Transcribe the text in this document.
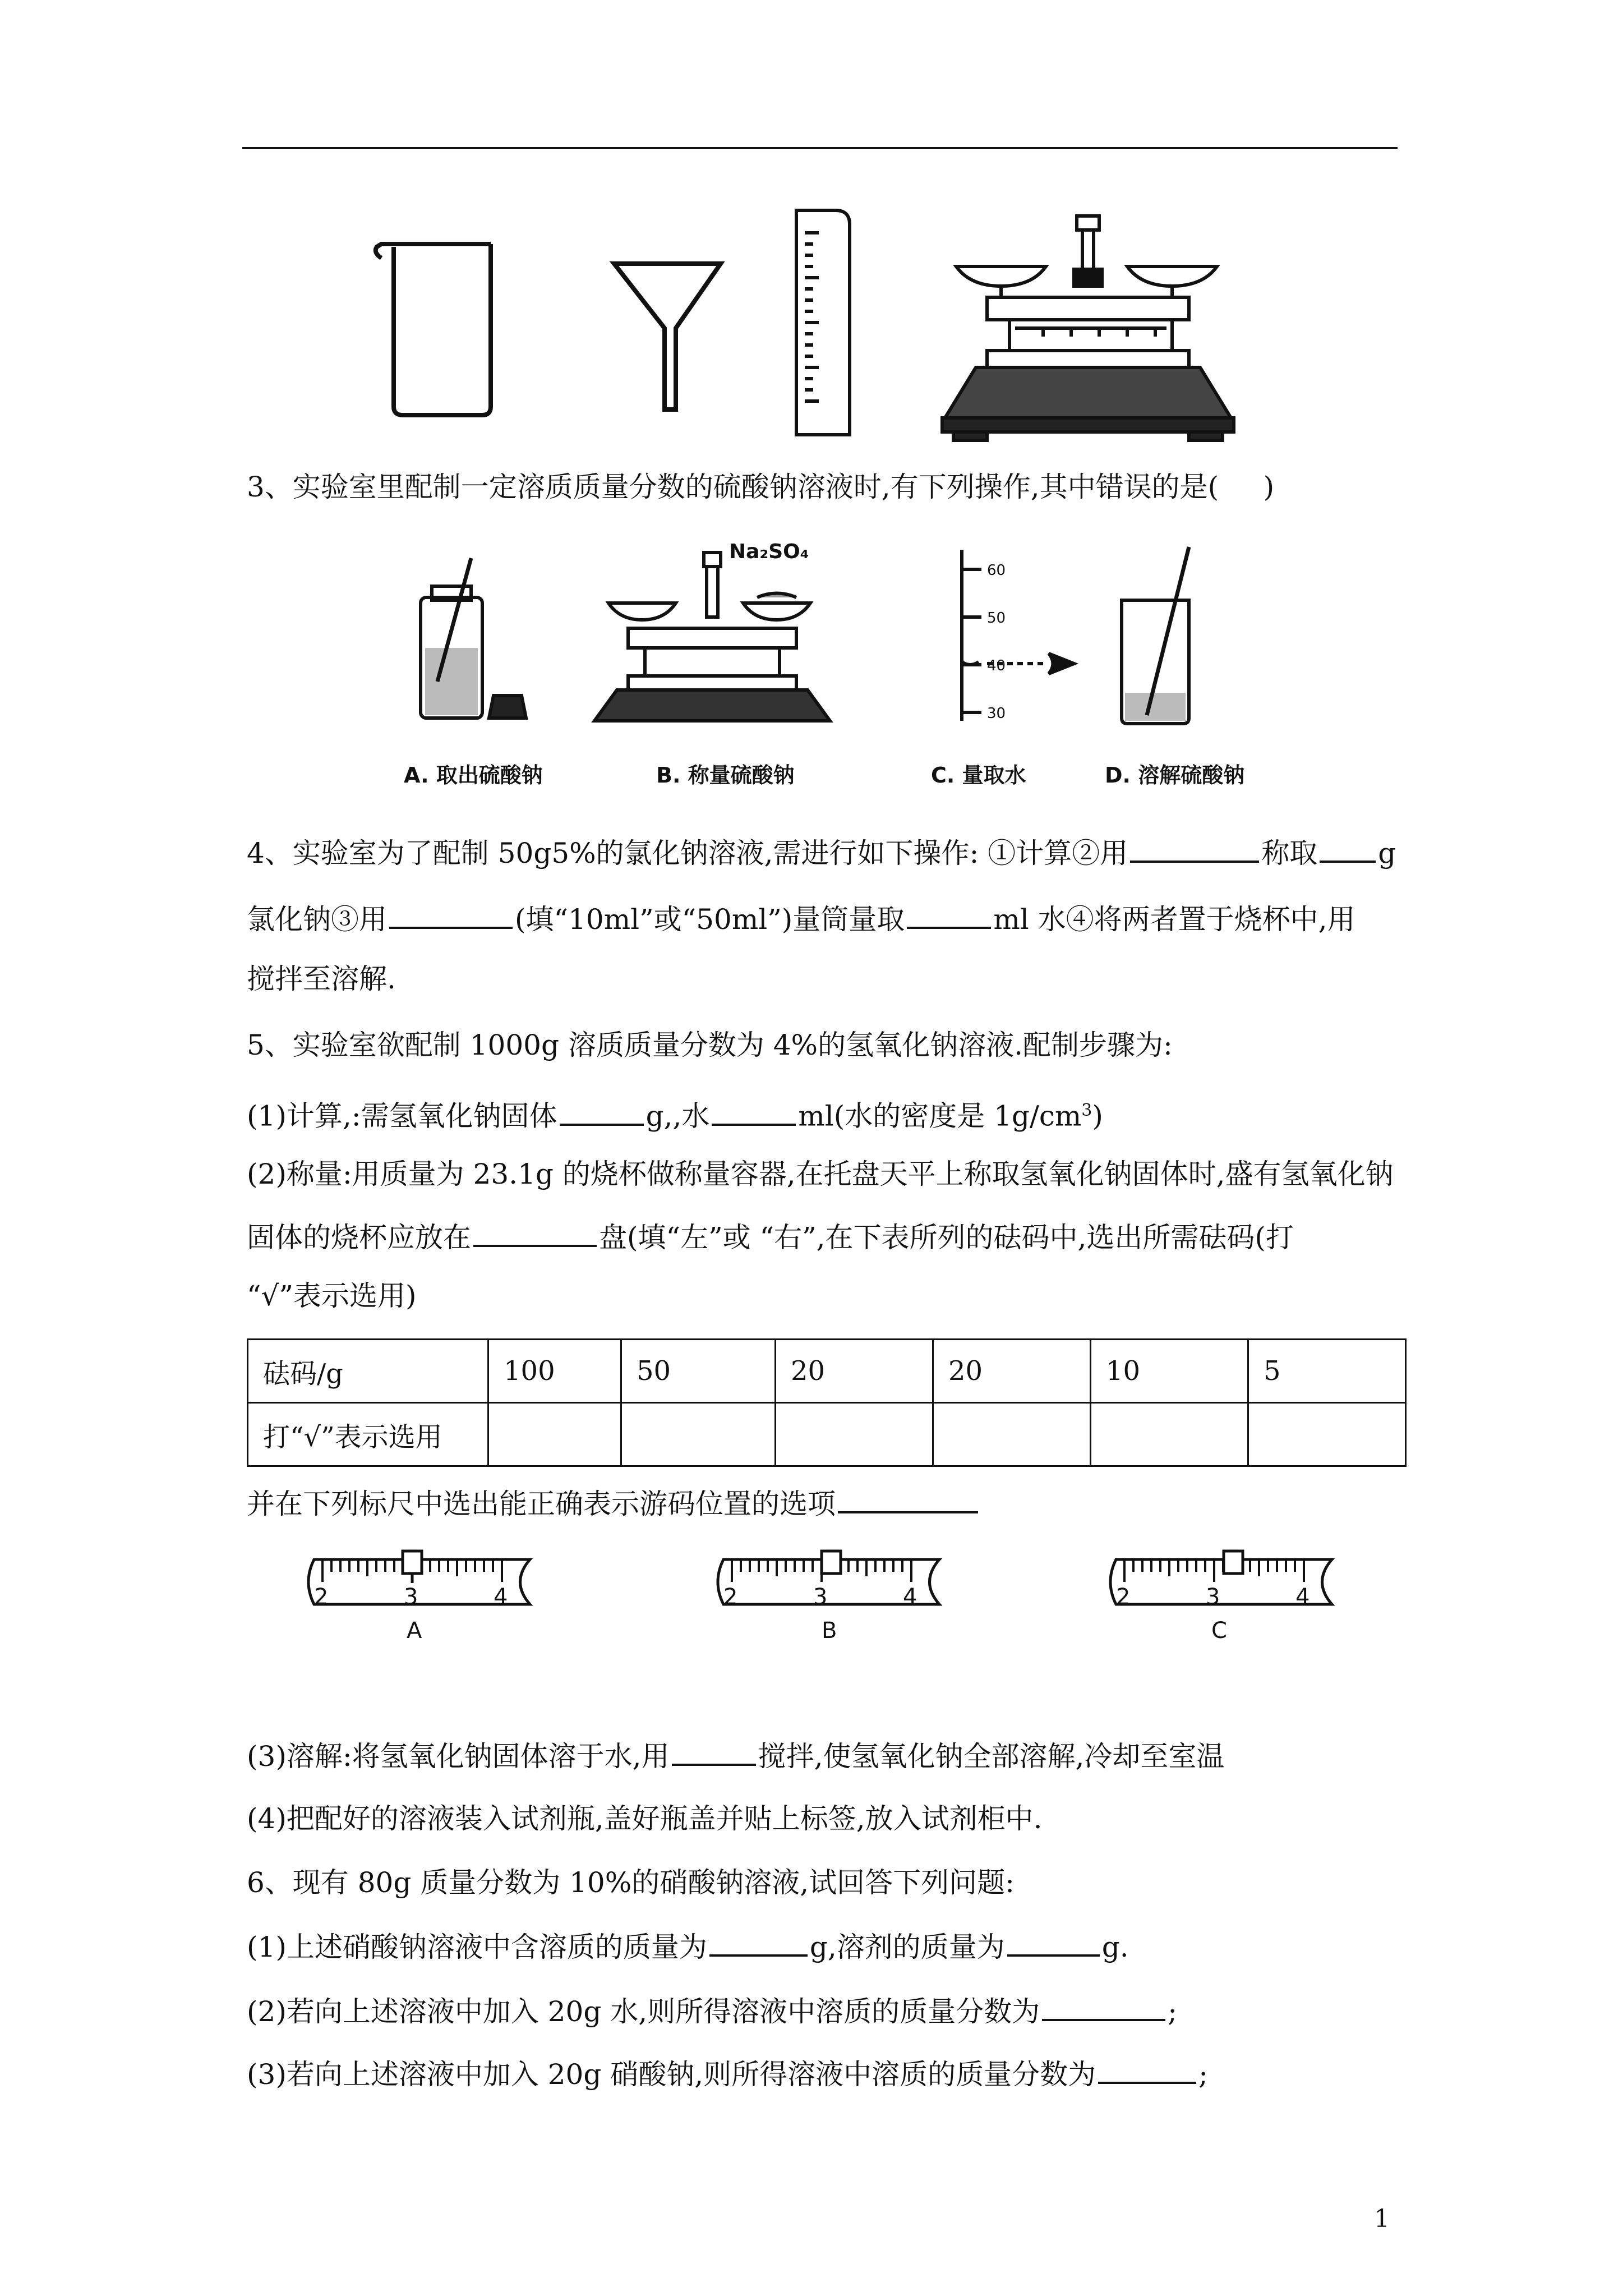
3、实验室里配制一定溶质质量分数的硫酸钠溶液时,有下列操作,其中错误的是(     )
Na₂SO₄
60
50
40
30
A. 取出硫酸钠	B. 称量硫酸钠	C. 量取水	D. 溶解硫酸钠
4、实验室为了配制 50g5%的氯化钠溶液,需进行如下操作: ①计算②用	称取 g
氯化钠③用	(填“10ml”或“50ml”)量筒量取	ml 水④将两者置于烧杯中,用
搅拌至溶解.
5、实验室欲配制 1000g 溶质质量分数为 4%的氢氧化钠溶液.配制步骤为:
(1)计算,:需氢氧化钠固体	g,,水	ml(水的密度是 $1g/cm^3$)
(2)称量:用质量为 23.1g 的烧杯做称量容器,在托盘天平上称取氢氧化钠固体时,盛有氢氧化钠
固体的烧杯应放在	盘(填“左”或 “右”,在下表所列的砝码中,选出所需砝码(打
“√”表示选用)
砝码/g	100	50	20	20	10	5
打“√”表示选用						
并在下列标尺中选出能正确表示游码位置的选项
2	3	4	2	3	4	2	3	4
A	B	C
(3)溶解:将氢氧化钠固体溶于水,用	搅拌,使氢氧化钠全部溶解,冷却至室温
(4)把配好的溶液装入试剂瓶,盖好瓶盖并贴上标签,放入试剂柜中.
6、现有 80g 质量分数为 10%的硝酸钠溶液,试回答下列问题:
(1)上述硝酸钠溶液中含溶质的质量为	g,溶剂的质量为	g.
(2)若向上述溶液中加入 20g 水,则所得溶液中溶质的质量分数为	;
(3)若向上述溶液中加入 20g 硝酸钠,则所得溶液中溶质的质量分数为	;
1
